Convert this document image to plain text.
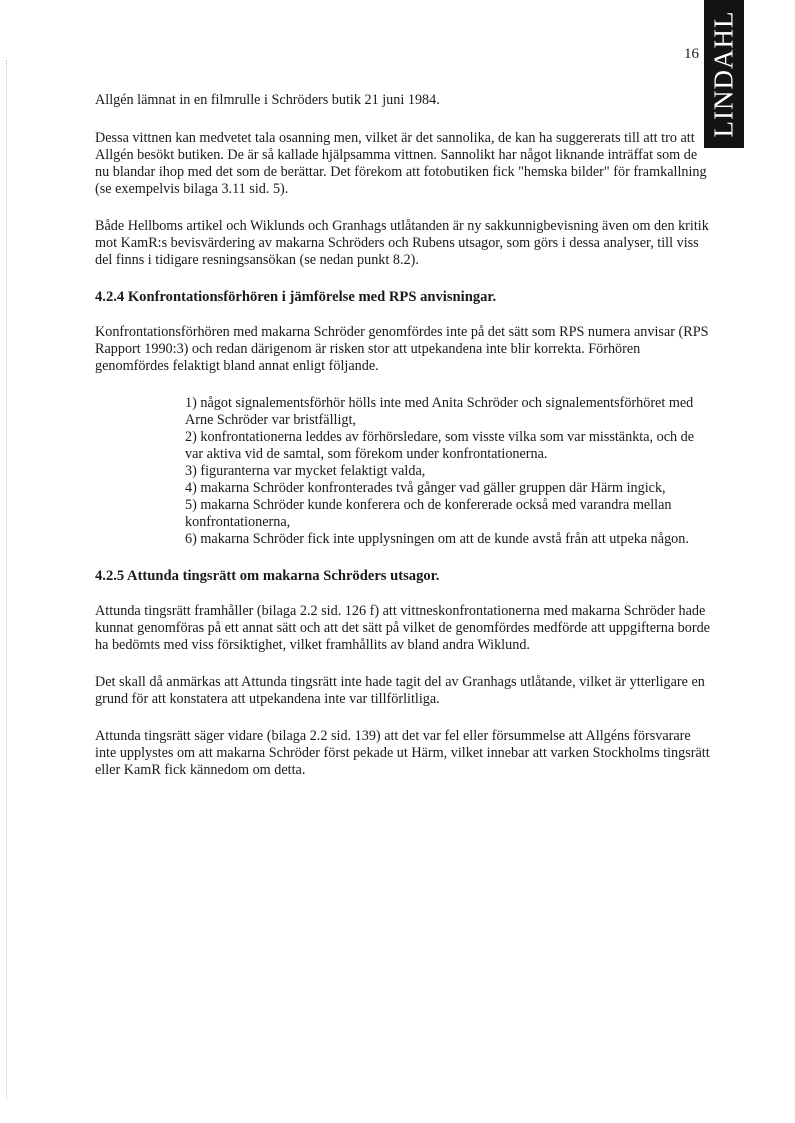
16 LINDAHL

Allgén lämnat in en filmrulle i Schröders butik 21 juni 1984.

Dessa vittnen kan medvetet tala osanning men, vilket är det sannolika, de kan ha suggererats till att tro att Allgén besökt butiken. De är så kallade hjälpsamma vittnen. Sannolikt har något liknande inträffat som de nu blandar ihop med det som de berättar. Det förekom att fotobutiken fick "hemska bilder" för framkallning (se exempelvis bilaga 3.11 sid. 5).

Både Hellboms artikel och Wiklunds och Granhags utlåtanden är ny sakkunnigbevisning även om den kritik mot KamR:s bevisvärdering av makarna Schröders och Rubens utsagor, som görs i dessa analyser, till viss del finns i tidigare resningsansökan (se nedan punkt 8.2).

4.2.4 Konfrontationsförhören i jämförelse med RPS anvisningar.

Konfrontationsförhören med makarna Schröder genomfördes inte på det sätt som RPS numera anvisar (RPS Rapport 1990:3) och redan därigenom är risken stor att utpekandena inte blir korrekta. Förhören genomfördes felaktigt bland annat enligt följande.

1) något signalementsförhör hölls inte med Anita Schröder och signalementsförhöret med Arne Schröder var bristfälligt,
2) konfrontationerna leddes av förhörsledare, som visste vilka som var misstänkta, och de var aktiva vid de samtal, som förekom under konfrontationerna.
3) figuranterna var mycket felaktigt valda,
4) makarna Schröder konfronterades två gånger vad gäller gruppen där Härm ingick,
5) makarna Schröder kunde konferera och de konfererade också med varandra mellan konfrontationerna,
6) makarna Schröder fick inte upplysningen om att de kunde avstå från att utpeka någon.

4.2.5 Attunda tingsrätt om makarna Schröders utsagor.

Attunda tingsrätt framhåller (bilaga 2.2 sid. 126 f) att vittneskonfrontationerna med makarna Schröder hade kunnat genomföras på ett annat sätt och att det sätt på vilket de genomfördes medförde att uppgifterna borde ha bedömts med viss försiktighet, vilket framhållits av bland andra Wiklund.

Det skall då anmärkas att Attunda tingsrätt inte hade tagit del av Granhags utlåtande, vilket är ytterligare en grund för att konstatera att utpekandena inte var tillförlitliga.

Attunda tingsrätt säger vidare (bilaga 2.2 sid. 139) att det var fel eller försummelse att Allgéns försvarare inte upplystes om att makarna Schröder först pekade ut Härm, vilket innebar att varken Stockholms tingsrätt eller KamR fick kännedom om detta.
